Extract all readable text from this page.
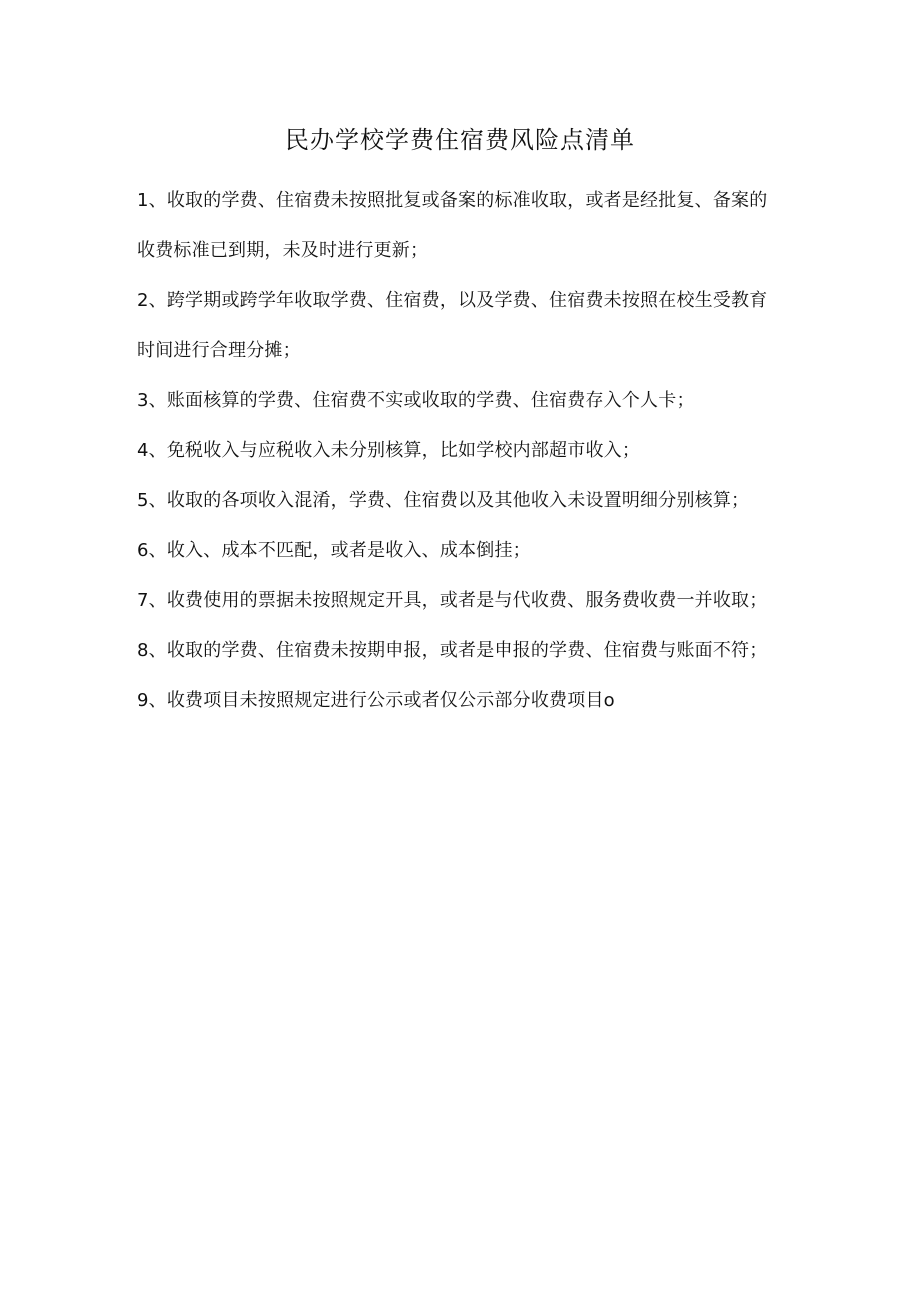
民办学校学费住宿费风险点清单

1、收取的学费、住宿费未按照批复或备案的标准收取，或者是经批复、备案的收费标准已到期，未及时进行更新；

2、跨学期或跨学年收取学费、住宿费，以及学费、住宿费未按照在校生受教育时间进行合理分摊；

3、账面核算的学费、住宿费不实或收取的学费、住宿费存入个人卡；

4、免税收入与应税收入未分别核算，比如学校内部超市收入；

5、收取的各项收入混淆，学费、住宿费以及其他收入未设置明细分别核算；

6、收入、成本不匹配，或者是收入、成本倒挂；

7、收费使用的票据未按照规定开具，或者是与代收费、服务费收费一并收取；

8、收取的学费、住宿费未按期申报，或者是申报的学费、住宿费与账面不符；

9、收费项目未按照规定进行公示或者仅公示部分收费项目o
